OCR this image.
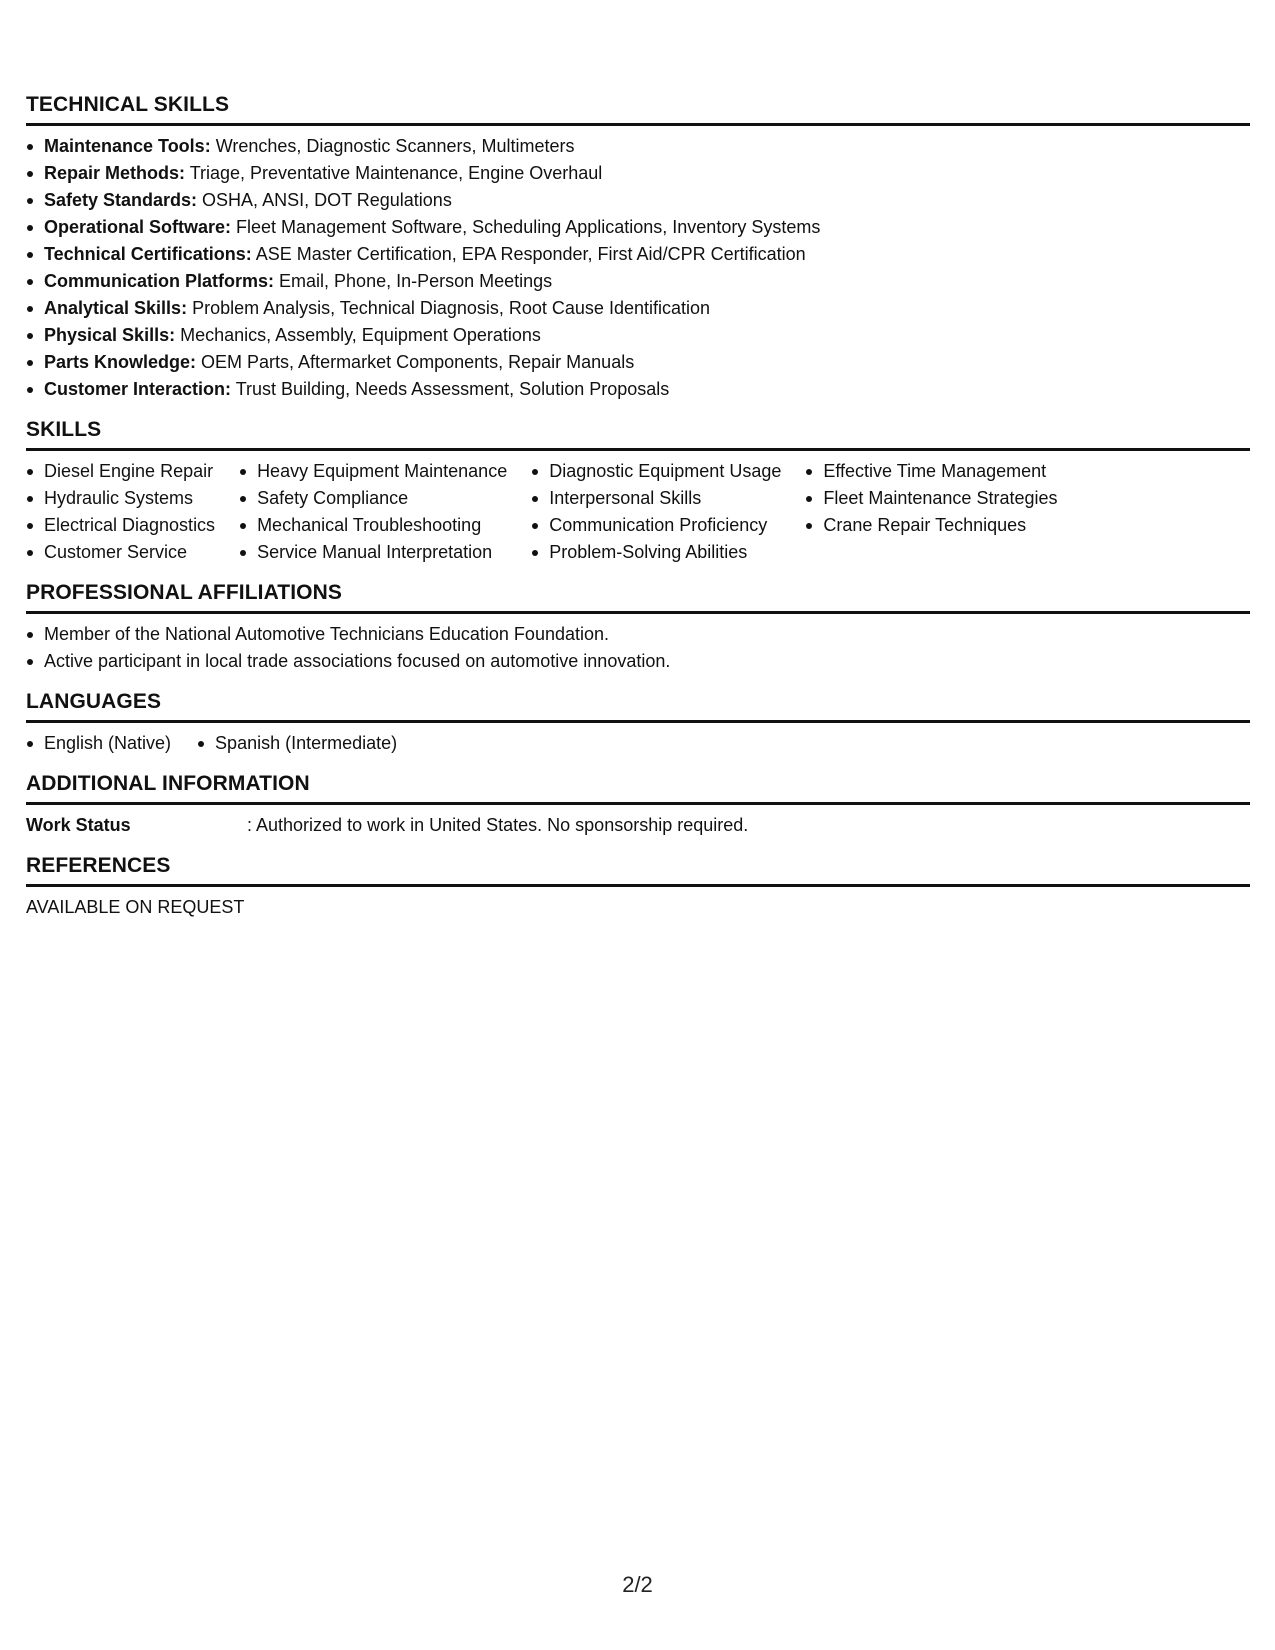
TECHNICAL SKILLS
Maintenance Tools: Wrenches, Diagnostic Scanners, Multimeters
Repair Methods: Triage, Preventative Maintenance, Engine Overhaul
Safety Standards: OSHA, ANSI, DOT Regulations
Operational Software: Fleet Management Software, Scheduling Applications, Inventory Systems
Technical Certifications: ASE Master Certification, EPA Responder, First Aid/CPR Certification
Communication Platforms: Email, Phone, In-Person Meetings
Analytical Skills: Problem Analysis, Technical Diagnosis, Root Cause Identification
Physical Skills: Mechanics, Assembly, Equipment Operations
Parts Knowledge: OEM Parts, Aftermarket Components, Repair Manuals
Customer Interaction: Trust Building, Needs Assessment, Solution Proposals
SKILLS
Diesel Engine Repair
Hydraulic Systems
Electrical Diagnostics
Customer Service
Heavy Equipment Maintenance
Safety Compliance
Mechanical Troubleshooting
Service Manual Interpretation
Diagnostic Equipment Usage
Interpersonal Skills
Communication Proficiency
Problem-Solving Abilities
Effective Time Management
Fleet Maintenance Strategies
Crane Repair Techniques
PROFESSIONAL AFFILIATIONS
Member of the National Automotive Technicians Education Foundation.
Active participant in local trade associations focused on automotive innovation.
LANGUAGES
English (Native)	Spanish (Intermediate)
ADDITIONAL INFORMATION
Work Status	: Authorized to work in United States. No sponsorship required.
REFERENCES
AVAILABLE ON REQUEST
2/2
